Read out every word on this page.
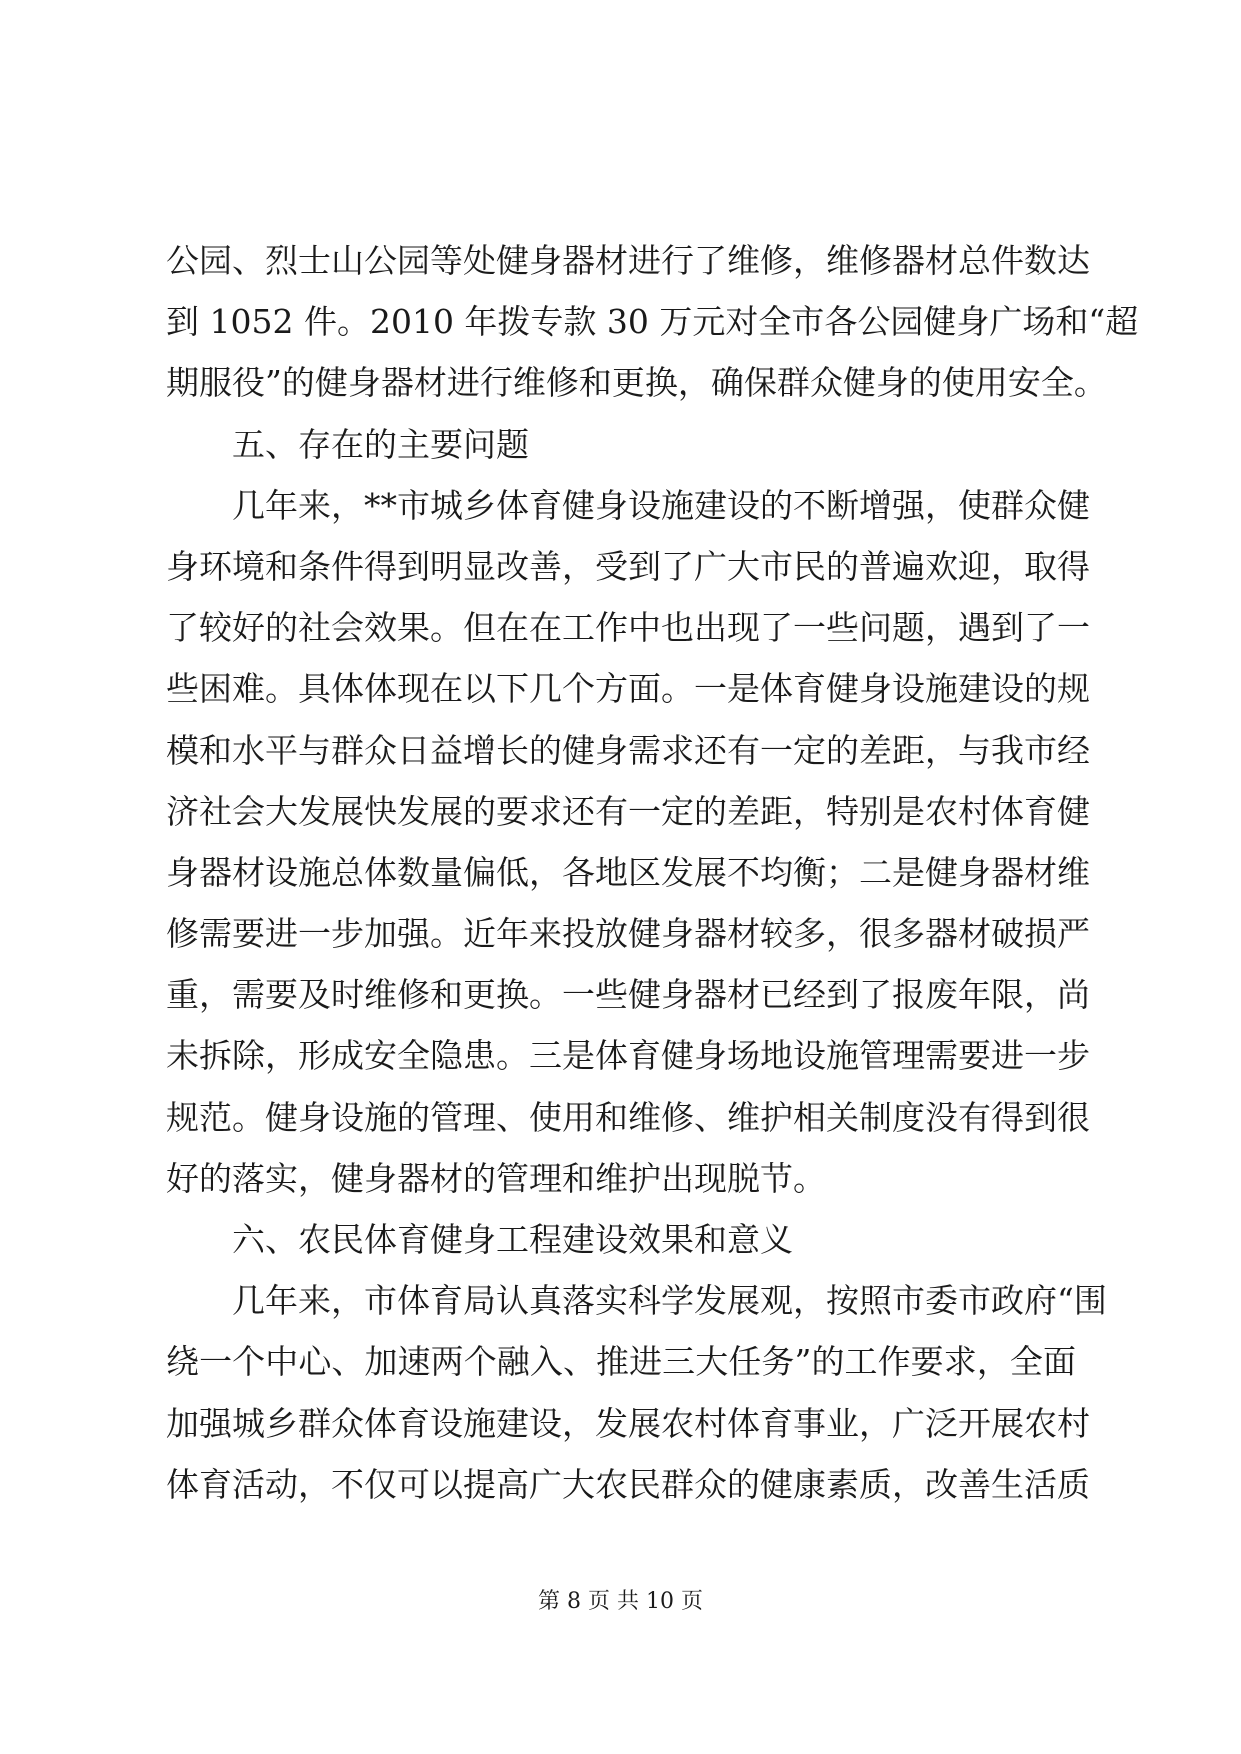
公园、烈士山公园等处健身器材进行了维修，维修器材总件数达
到 1052 件。2010 年拨专款 30 万元对全市各公园健身广场和“超
期服役”的健身器材进行维修和更换，确保群众健身的使用安全。
五、存在的主要问题
几年来，**市城乡体育健身设施建设的不断增强，使群众健
身环境和条件得到明显改善，受到了广大市民的普遍欢迎，取得
了较好的社会效果。但在在工作中也出现了一些问题，遇到了一
些困难。具体体现在以下几个方面。一是体育健身设施建设的规
模和水平与群众日益增长的健身需求还有一定的差距，与我市经
济社会大发展快发展的要求还有一定的差距，特别是农村体育健
身器材设施总体数量偏低，各地区发展不均衡；二是健身器材维
修需要进一步加强。近年来投放健身器材较多，很多器材破损严
重，需要及时维修和更换。一些健身器材已经到了报废年限，尚
未拆除，形成安全隐患。三是体育健身场地设施管理需要进一步
规范。健身设施的管理、使用和维修、维护相关制度没有得到很
好的落实，健身器材的管理和维护出现脱节。
六、农民体育健身工程建设效果和意义
几年来，市体育局认真落实科学发展观，按照市委市政府“围
绕一个中心、加速两个融入、推进三大任务”的工作要求，全面
加强城乡群众体育设施建设，发展农村体育事业，广泛开展农村
体育活动，不仅可以提高广大农民群众的健康素质，改善生活质
第 8 页 共 10 页
